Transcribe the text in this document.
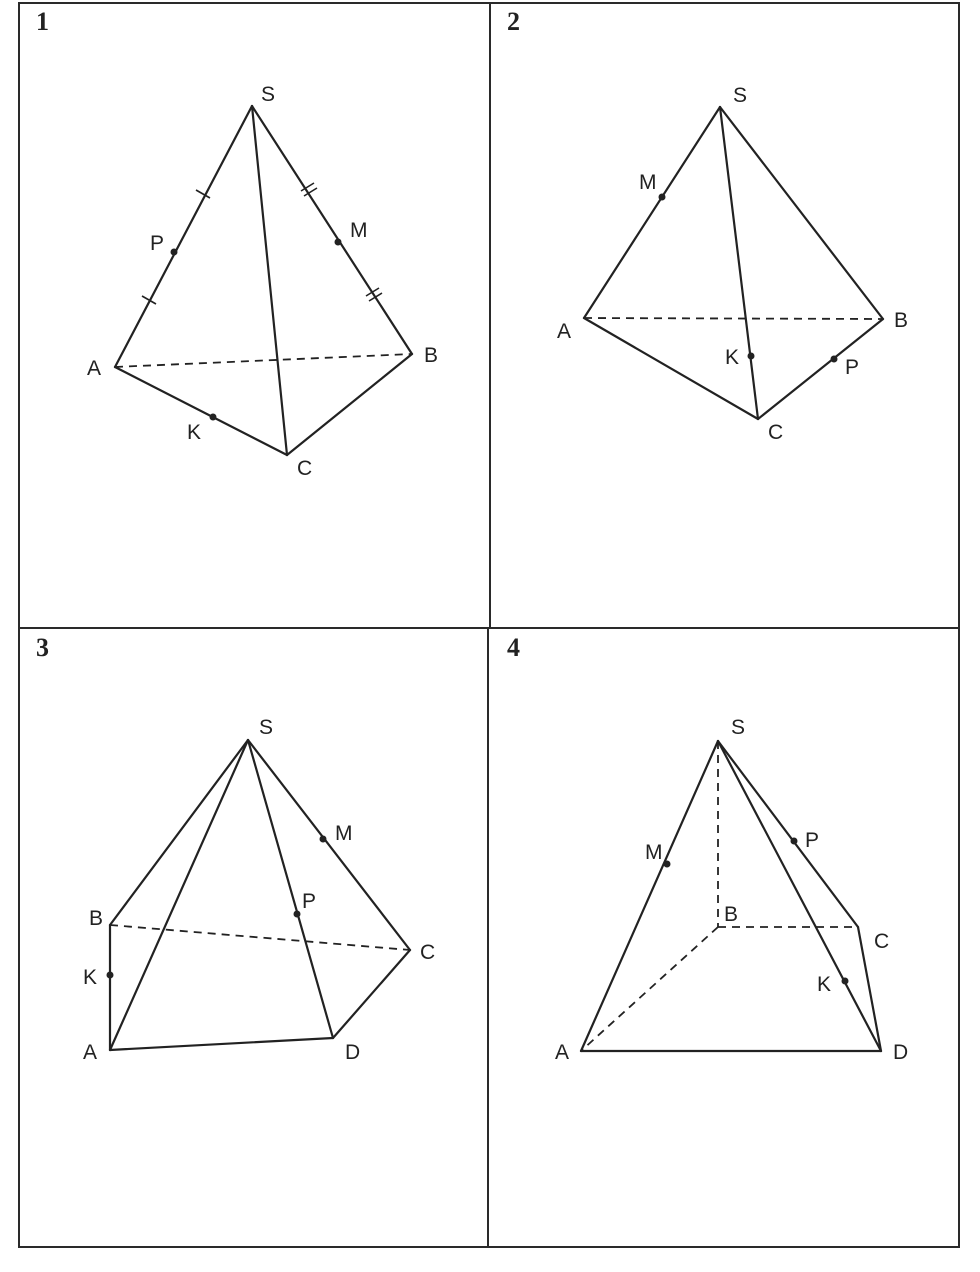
1
S
A
B
C
P
M
K
2
S
A	B
C
M
K	P
3
S
B
A	D
C
M
P
K
4
S
B
C
A	D
M
P
K
